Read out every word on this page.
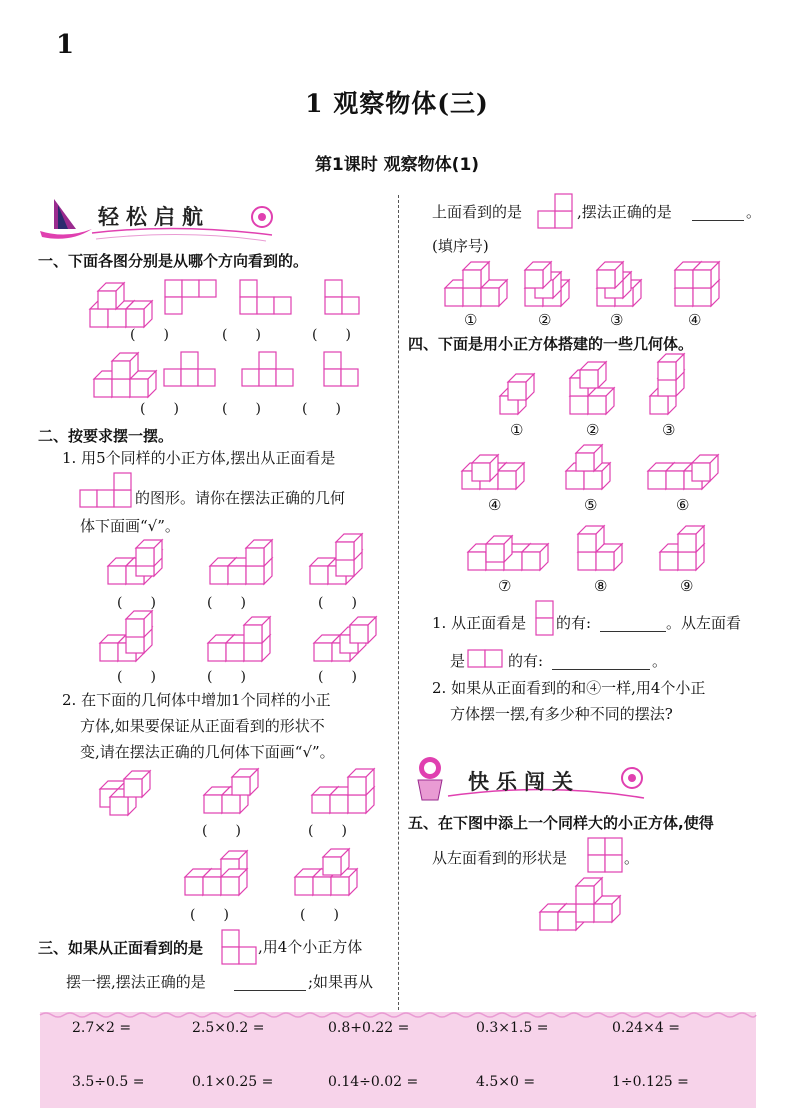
1
1 观察物体(三)
第1课时 观察物体(1)
轻松启航
一、下面各图分别是从哪个方向看到的。
(　　)	(　　)	(　　)
(　　)	(　　)	(　　)
二、按要求摆一摆。
1. 用5个同样的小正方体,摆出从正面看是
的图形。请你在摆法正确的几何
体下面画“√”。
(　　)	(　　)	(　　)
(　　)	(　　)	(　　)
2. 在下面的几何体中增加1个同样的小正
方体,如果要保证从正面看到的形状不
变,请在摆法正确的几何体下面画“√”。
(　　)	(　　)
(　　)	(　　)
三、如果从正面看到的是	,用4个小正方体
摆一摆,摆法正确的是	;如果再从
上面看到的是	,摆法正确的是	。
(填序号)
①	②	③	④
四、下面是用小正方体搭建的一些几何体。
①	②	③
④	⑤	⑥
⑦	⑧	⑨
1. 从正面看是 的有:	。从左面看
是	的有:	。
2. 如果从正面看到的和④一样,用4个小正
方体摆一摆,有多少种不同的摆法?
快乐闯关
五、在下图中添上一个同样大的小正方体,使得
从左面看到的形状是	。
2.7×2 =	2.5×0.2 =	0.8+0.22 =	0.3×1.5 =	0.24×4 =
3.5÷0.5 =	0.1×0.25 =	0.14÷0.02 =	4.5×0 =	1÷0.125 =
